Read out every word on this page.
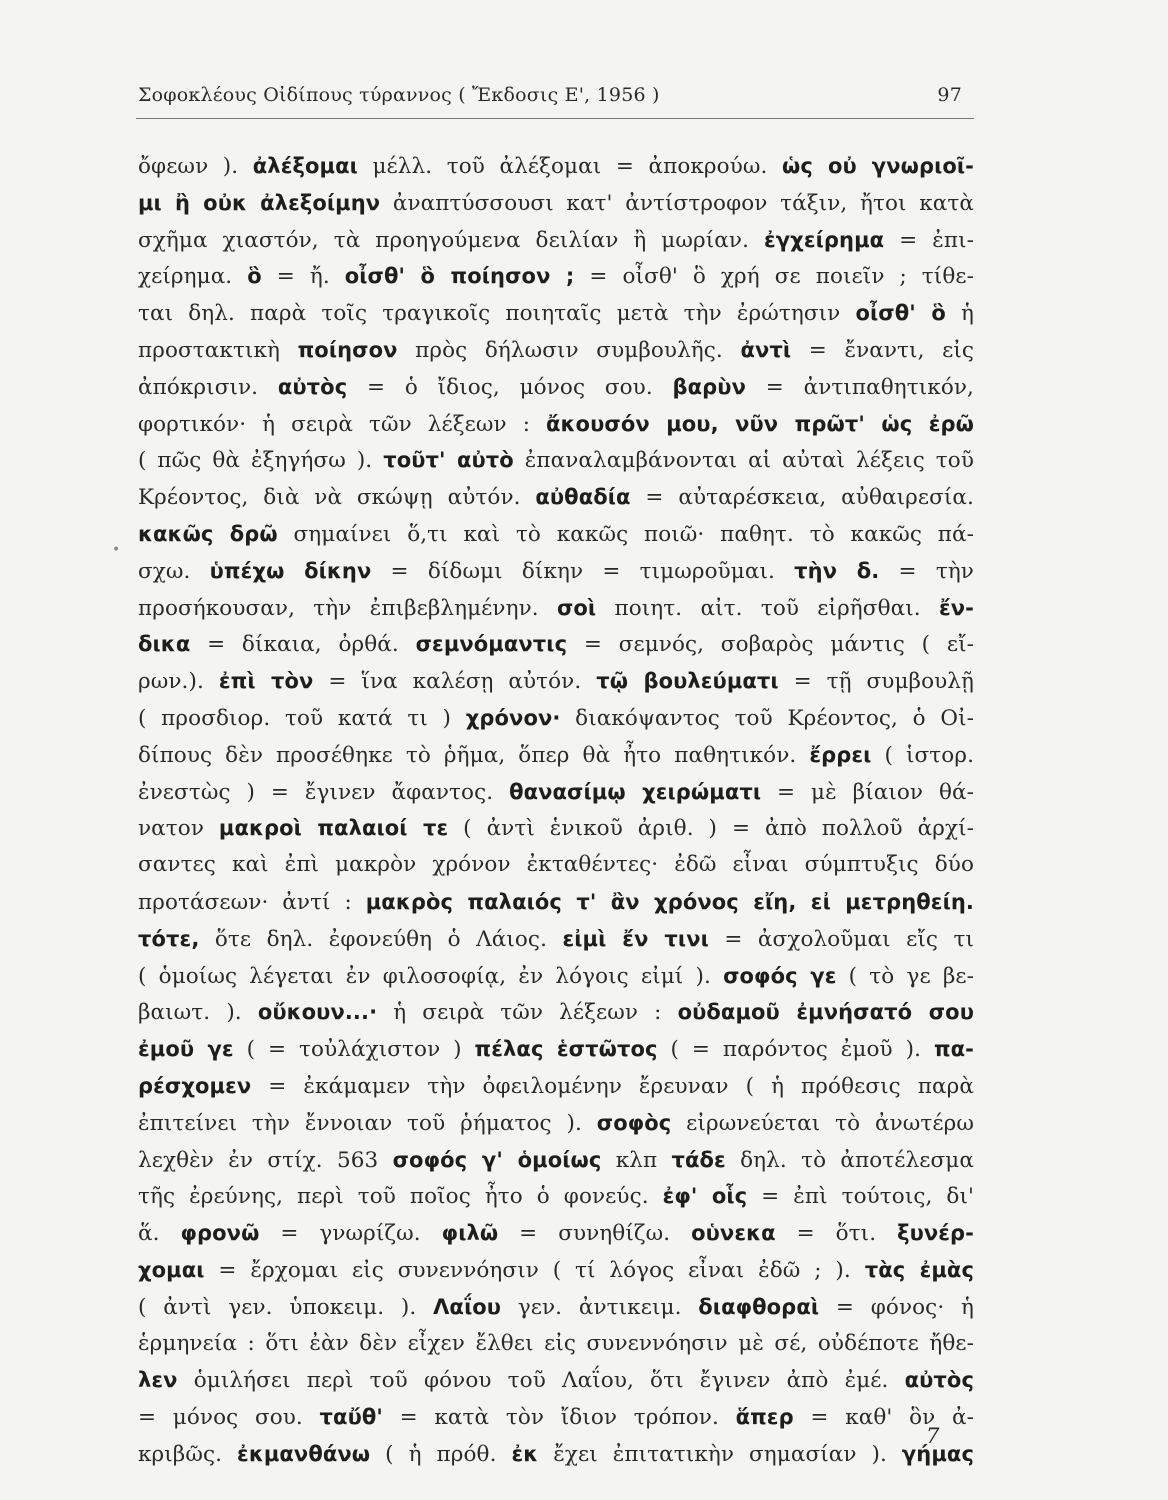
Σοφοκλέους Οἰδίπους τύραννος ( Ἔκδοσις Ε', 1956 )	97
•
ὄφεων ). ἀλέξομαι μέλλ. τοῦ ἀλέξομαι = ἀποκρούω. ὡς οὐ γνωριοῖ-
μι ἢ οὐκ ἀλεξοίμην ἀναπτύσσουσι κατ' ἀντίστροφον τάξιν, ἤτοι κατὰ
σχῆμα χιαστόν, τὰ προηγούμενα δειλίαν ἢ μωρίαν. ἐγχείρημα = ἐπι-
χείρημα. ὃ = ἤ. οἶσθ' ὃ ποίησον ; = οἶσθ' ὃ χρή σε ποιεῖν ; τίθε-
ται δηλ. παρὰ τοῖς τραγικοῖς ποιηταῖς μετὰ τὴν ἐρώτησιν οἶσθ' ὃ ἡ
προστακτικὴ ποίησον πρὸς δήλωσιν συμβουλῆς. ἀντὶ = ἔναντι, εἰς
ἀπόκρισιν. αὐτὸς = ὁ ἴδιος, μόνος σου. βαρὺν = ἀντιπαθητικόν,
φορτικόν· ἡ σειρὰ τῶν λέξεων : ἄκουσόν μου, νῦν πρῶτ' ὡς ἐρῶ
( πῶς θὰ ἐξηγήσω ). τοῦτ' αὐτὸ ἐπαναλαμβάνονται αἱ αὐταὶ λέξεις τοῦ
Κρέοντος, διὰ νὰ σκώψῃ αὐτόν. αὐθαδία = αὐταρέσκεια, αὐθαιρεσία.
κακῶς δρῶ σημαίνει ὅ,τι καὶ τὸ κακῶς ποιῶ· παθητ. τὸ κακῶς πά-
σχω. ὑπέχω δίκην = δίδωμι δίκην = τιμωροῦμαι. τὴν δ. = τὴν
προσήκουσαν, τὴν ἐπιβεβλημένην. σοὶ ποιητ. αἰτ. τοῦ εἰρῆσθαι. ἔν-
δικα = δίκαια, ὀρθά. σεμνόμαντις = σεμνός, σοβαρὸς μάντις ( εἴ-
ρων.). ἐπὶ τὸν = ἵνα καλέσῃ αὐτόν. τῷ βουλεύματι = τῇ συμβουλῇ
( προσδιορ. τοῦ κατά τι ) χρόνον· διακόψαντος τοῦ Κρέοντος, ὁ Οἰ-
δίπους δὲν προσέθηκε τὸ ῥῆμα, ὅπερ θὰ ἦτο παθητικόν. ἔρρει ( ἱστορ.
ἐνεστὼς ) = ἔγινεν ἄφαντος. θανασίμῳ χειρώματι = μὲ βίαιον θά-
νατον μακροὶ παλαιοί τε ( ἀντὶ ἑνικοῦ ἀριθ. ) = ἀπὸ πολλοῦ ἀρχί-
σαντες καὶ ἐπὶ μακρὸν χρόνον ἐκταθέντες· ἐδῶ εἶναι σύμπτυξις δύο
προτάσεων· ἀντί : μακρὸς παλαιός τ' ἂν χρόνος εἴη, εἰ μετρηθείη.
τότε, ὅτε δηλ. ἐφονεύθη ὁ Λάιος. εἰμὶ ἔν τινι = ἀσχολοῦμαι εἴς τι
( ὁμοίως λέγεται ἐν φιλοσοφίᾳ, ἐν λόγοις εἰμί ). σοφός γε ( τὸ γε βε-
βαιωτ. ). οὔκουν...· ἡ σειρὰ τῶν λέξεων : οὐδαμοῦ ἐμνήσατό σου
ἐμοῦ γε ( = τοὐλάχιστον ) πέλας ἑστῶτος ( = παρόντος ἐμοῦ ). πα-
ρέσχομεν = ἐκάμαμεν τὴν ὀφειλομένην ἔρευναν ( ἡ πρόθεσις παρὰ
ἐπιτείνει τὴν ἔννοιαν τοῦ ῥήματος ). σοφὸς εἰρωνεύεται τὸ ἀνωτέρω
λεχθὲν ἐν στίχ. 563 σοφός γ' ὁμοίως κλπ τάδε δηλ. τὸ ἀποτέλεσμα
τῆς ἐρεύνης, περὶ τοῦ ποῖος ἦτο ὁ φονεύς. ἐφ' οἷς = ἐπὶ τούτοις, δι'
ἅ. φρονῶ = γνωρίζω. φιλῶ = συνηθίζω. οὑνεκα = ὅτι. ξυνέρ-
χομαι = ἔρχομαι εἰς συνεννόησιν ( τί λόγος εἶναι ἐδῶ ; ). τὰς ἐμὰς
( ἀντὶ γεν. ὑποκειμ. ). Λαΐου γεν. ἀντικειμ. διαφθοραὶ = φόνος· ἡ
ἑρμηνεία : ὅτι ἐὰν δὲν εἶχεν ἔλθει εἰς συνεννόησιν μὲ σέ, οὐδέποτε ἤθε-
λεν ὁμιλήσει περὶ τοῦ φόνου τοῦ Λαΐου, ὅτι ἔγινεν ἀπὸ ἐμέ. αὐτὸς
= μόνος σου. ταὔθ' = κατὰ τὸν ἴδιον τρόπον. ἅπερ = καθ' ὃν ἀ-
κριβῶς. ἐκμανθάνω ( ἡ πρόθ. ἐκ ἔχει ἐπιτατικὴν σημασίαν ). γήμας
7
